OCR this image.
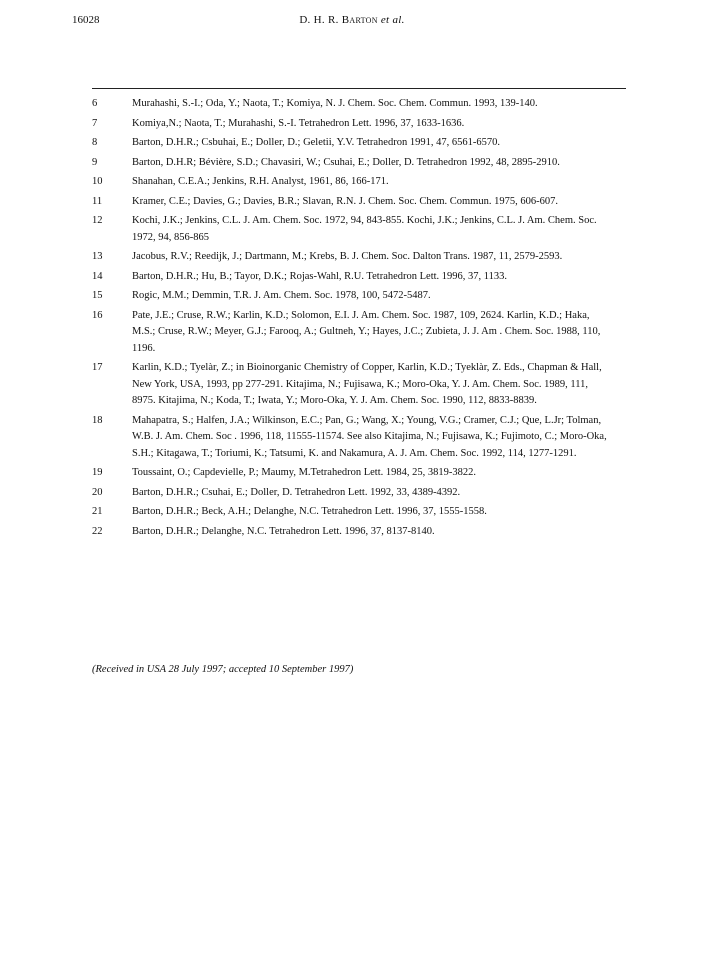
16028	D. H. R. Barton et al.
6	Murahashi, S.-I.; Oda, Y.; Naota, T.; Komiya, N. J. Chem. Soc. Chem. Commun. 1993, 139-140.
7	Komiya,N.; Naota, T.; Murahashi, S.-I. Tetrahedron Lett. 1996, 37, 1633-1636.
8	Barton, D.H.R.; Csbuhai, E.; Doller, D.; Geletii, Y.V. Tetrahedron 1991, 47, 6561-6570.
9	Barton, D.H.R; Bévière, S.D.; Chavasiri, W.; Csuhai, E.; Doller, D. Tetrahedron 1992, 48, 2895-2910.
10	Shanahan, C.E.A.; Jenkins, R.H. Analyst, 1961, 86, 166-171.
11	Kramer, C.E.; Davies, G.; Davies, B.R.; Slavan, R.N. J. Chem. Soc. Chem. Commun. 1975, 606-607.
12	Kochi, J.K.; Jenkins, C.L. J. Am. Chem. Soc. 1972, 94, 843-855. Kochi, J.K.; Jenkins, C.L. J. Am. Chem. Soc. 1972, 94, 856-865
13	Jacobus, R.V.; Reedijk, J.; Dartmann, M.; Krebs, B. J. Chem. Soc. Dalton Trans. 1987, 11, 2579-2593.
14	Barton, D.H.R.; Hu, B.; Tayor, D.K.; Rojas-Wahl, R.U. Tetrahedron Lett. 1996, 37, 1133.
15	Rogic, M.M.; Demmin, T.R. J. Am. Chem. Soc. 1978, 100, 5472-5487.
16	Pate, J.E.; Cruse, R.W.; Karlin, K.D.; Solomon, E.I. J. Am. Chem. Soc. 1987, 109, 2624. Karlin, K.D.; Haka, M.S.; Cruse, R.W.; Meyer, G.J.; Farooq, A.; Gultneh, Y.; Hayes, J.C.; Zubieta, J. J. Am . Chem. Soc. 1988, 110, 1196.
17	Karlin, K.D.; Tyelàr, Z.; in Bioinorganic Chemistry of Copper, Karlin, K.D.; Tyeklàr, Z. Eds., Chapman & Hall, New York, USA, 1993, pp 277-291. Kitajima, N.; Fujisawa, K.; Moro-Oka, Y. J. Am. Chem. Soc. 1989, 111, 8975. Kitajima, N.; Koda, T.; Iwata, Y.; Moro-Oka, Y. J. Am. Chem. Soc. 1990, 112, 8833-8839.
18	Mahapatra, S.; Halfen, J.A.; Wilkinson, E.C.; Pan, G.; Wang, X.; Young, V.G.; Cramer, C.J.; Que, L.Jr; Tolman, W.B. J. Am. Chem. Soc . 1996, 118, 11555-11574. See also Kitajima, N.; Fujisawa, K.; Fujimoto, C.; Moro-Oka, S.H.; Kitagawa, T.; Toriumi, K.; Tatsumi, K. and Nakamura, A. J. Am. Chem. Soc. 1992, 114, 1277-1291.
19	Toussaint, O.; Capdevielle, P.; Maumy, M.Tetrahedron Lett. 1984, 25, 3819-3822.
20	Barton, D.H.R.; Csuhai, E.; Doller, D. Tetrahedron Lett. 1992, 33, 4389-4392.
21	Barton, D.H.R.; Beck, A.H.; Delanghe, N.C. Tetrahedron Lett. 1996, 37, 1555-1558.
22	Barton, D.H.R.; Delanghe, N.C. Tetrahedron Lett. 1996, 37, 8137-8140.
(Received in USA 28 July 1997; accepted 10 September 1997)
